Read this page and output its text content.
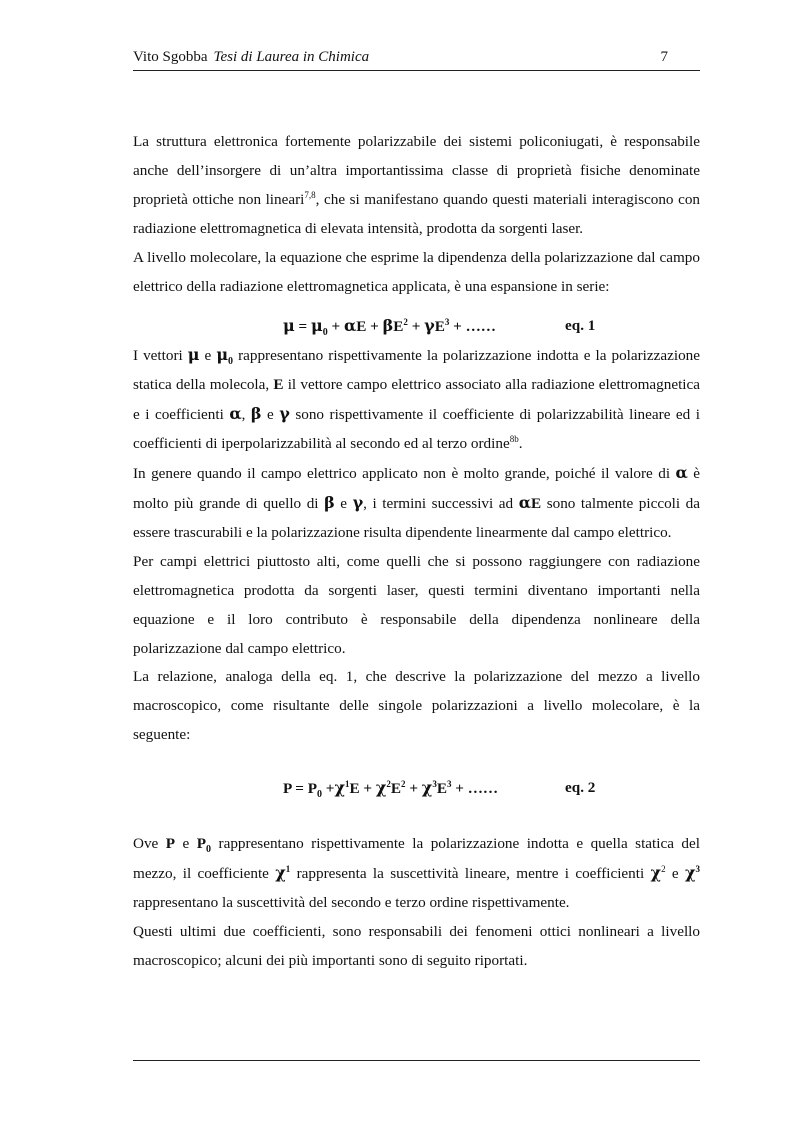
Vito Sgobba Tesi di Laurea in Chimica	7

La struttura elettronica fortemente polarizzabile dei sistemi policoniugati, è responsabile anche dell’insorgere di un’altra importantissima classe di proprietà fisiche denominate proprietà ottiche non lineari$^{7,8}$, che si manifestano quando questi materiali interagiscono con radiazione elettromagnetica di elevata intensità, prodotta da sorgenti laser.

A livello molecolare, la equazione che esprime la dipendenza della polarizzazione dal campo elettrico della radiazione elettromagnetica applicata, è una espansione in serie:

$\mu = \mu_0 + \alpha E + \beta E^2 + \gamma E^3$ + ……	eq. 1

I vettori μ e $\mu_0$ rappresentano rispettivamente la polarizzazione indotta e la polarizzazione statica della molecola, E il vettore campo elettrico associato alla radiazione elettromagnetica e i coefficienti α, β e γ sono rispettivamente il coefficiente di polarizzabilità lineare ed i coefficienti di iperpolarizzabilità al secondo ed al terzo ordine$^{8b}$.

In genere quando il campo elettrico applicato non è molto grande, poiché il valore di α è molto più grande di quello di β e γ, i termini successivi ad αE sono talmente piccoli da essere trascurabili e la polarizzazione risulta dipendente linearmente dal campo elettrico.

Per campi elettrici piuttosto alti, come quelli che si possono raggiungere con radiazione elettromagnetica prodotta da sorgenti laser, questi termini diventano importanti nella equazione e il loro contributo è responsabile della dipendenza nonlineare della polarizzazione dal campo elettrico.

La relazione, analoga della eq. 1, che descrive la polarizzazione del mezzo a livello macroscopico, come risultante delle singole polarizzazioni a livello molecolare, è la seguente:

$P = P_0 +\chi^1E + \chi^2E^2 + \chi^3E^3$ + ……	eq. 2

Ove P e $P_0$ rappresentano rispettivamente la polarizzazione indotta e quella statica del mezzo, il coefficiente $\chi^1$ rappresenta la suscettività lineare, mentre i coefficienti $\chi^2$ e $\chi^3$ rappresentano la suscettività del secondo e terzo ordine rispettivamente.

Questi ultimi due coefficienti, sono responsabili dei fenomeni ottici nonlineari a livello macroscopico; alcuni dei più importanti sono di seguito riportati.
